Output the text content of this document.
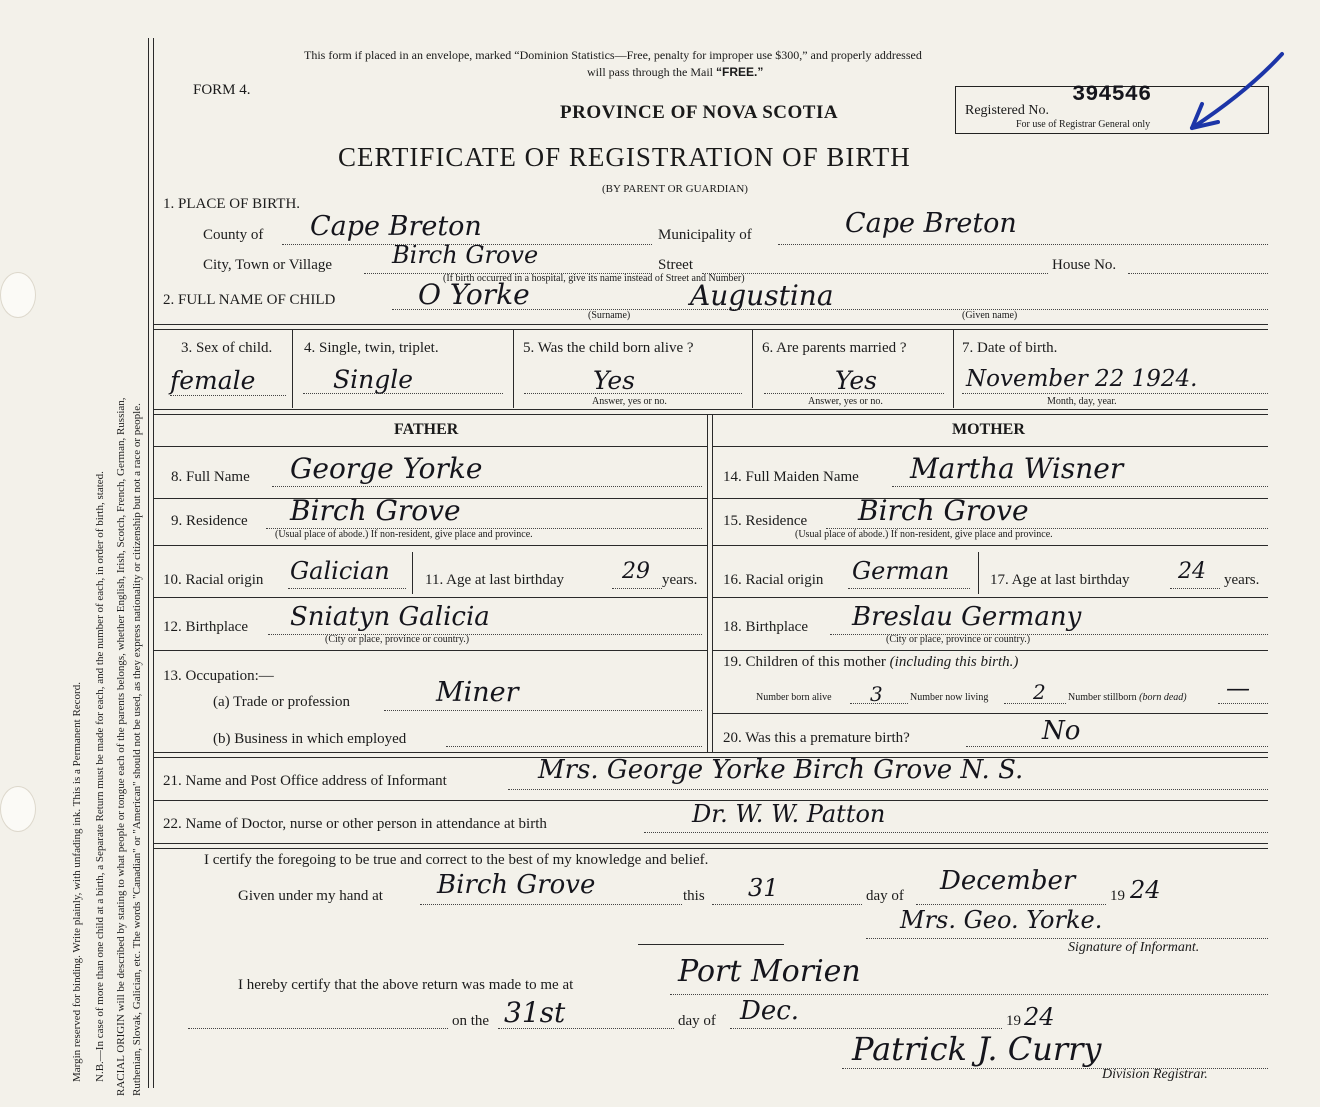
Margin reserved for binding. Write plainly, with unfading ink. This is a Permanent Record. N.B.—In case of more than one child at a birth, a Separate Return must be made for each, and the number of each, in order of birth, stated. RACIAL ORIGIN will be described by stating to what people or tongue each of the parents belongs, whether English, Irish, Scotch, French, German, Russian, Ruthenian, Slovak, Galician, etc. The words "Canadian" or "American" should not be used, as they express nationality or citizenship but not a race or people.
This form if placed in an envelope, marked “Dominion Statistics—Free, penalty for improper use $300,” and properly addressed
will pass through the Mail “FREE.”
FORM 4.
PROVINCE OF NOVA SCOTIA
CERTIFICATE OF REGISTRATION OF BIRTH
(BY PARENT OR GUARDIAN)
Registered No.
394546
For use of Registrar General only
1. PLACE OF BIRTH.
County of Cape Breton	Municipality of	Cape Breton
City, Town or Village Birch Grove	Street	House No.
(If birth occurred in a hospital, give its name instead of Street and Number)
2. FULL NAME OF CHILD	O Yorke	Augustina
(Surname)	(Given name)
3. Sex of child.
female
4. Single, twin, triplet.
Single
5. Was the child born alive ?
Yes
Answer, yes or no.
6. Are parents married ?
Yes
Answer, yes or no.
7. Date of birth.
November 22 1924.
Month, day, year.
FATHER	MOTHER
8. Full Name George Yorke
9. Residence Birch Grove
(Usual place of abode.) If non-resident, give place and province.
10. Racial origin Galician 11. Age at last birthday	29 years.
12. Birthplace Sniatyn Galicia
(City or place, province or country.)
13. Occupation:—
(a) Trade or profession	Miner
(b) Business in which employed
14. Full Maiden Name Martha Wisner
15. Residence Birch Grove
(Usual place of abode.) If non-resident, give place and province.
16. Racial origin German	17. Age at last birthday 24 years.
18. Birthplace Breslau Germany
(City or place, province or country.)
19. Children of this mother (including this birth.)
Number born alive 3	Number now living 2 Number stillborn (born dead) —
20. Was this a premature birth?	No
21. Name and Post Office address of Informant	Mrs. George Yorke Birch Grove N. S.
22. Name of Doctor, nurse or other person in attendance at birth	Dr. W. W. Patton
I certify the foregoing to be true and correct to the best of my knowledge and belief.
Given under my hand at Birch Grove	this 31	day of December 19 24
Mrs. Geo. Yorke.
Signature of Informant.
I hereby certify that the above return was made to me at	Port Morien
on the 31st	day of Dec.	19 24
Patrick J. Curry
Division Registrar.
